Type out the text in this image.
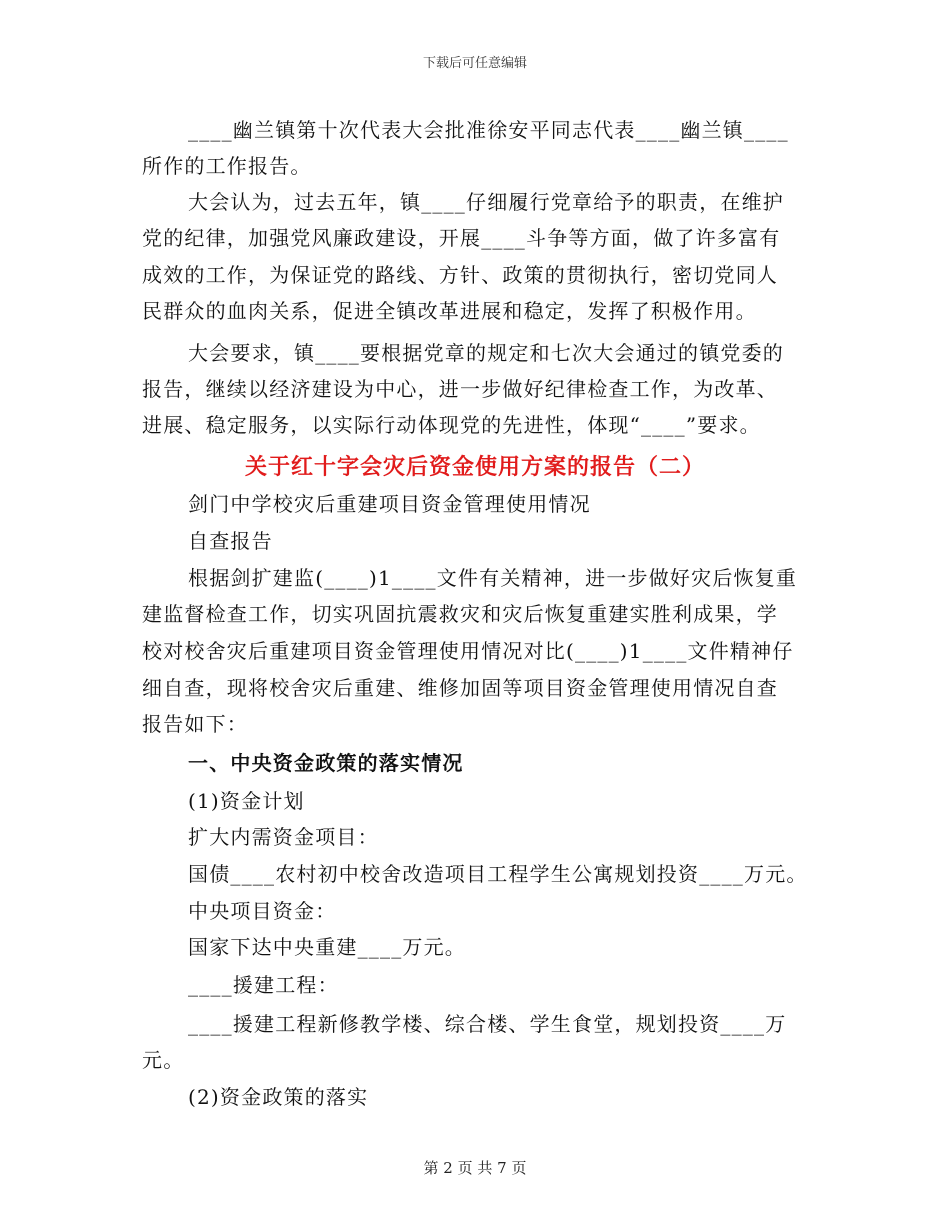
下载后可任意编辑
____幽兰镇第十次代表大会批准徐安平同志代表____幽兰镇____
所作的工作报告。
大会认为，过去五年，镇____仔细履行党章给予的职责，在维护
党的纪律，加强党风廉政建设，开展____斗争等方面，做了许多富有
成效的工作，为保证党的路线、方针、政策的贯彻执行，密切党同人
民群众的血肉关系，促进全镇改革进展和稳定，发挥了积极作用。
大会要求，镇____要根据党章的规定和七次大会通过的镇党委的
报告，继续以经济建设为中心，进一步做好纪律检查工作，为改革、
进展、稳定服务，以实际行动体现党的先进性，体现“____”要求。
关于红十字会灾后资金使用方案的报告（二）
剑门中学校灾后重建项目资金管理使用情况
自查报告
根据剑扩建监(____)1____文件有关精神，进一步做好灾后恢复重
建监督检查工作，切实巩固抗震救灾和灾后恢复重建实胜利成果，学
校对校舍灾后重建项目资金管理使用情况对比(____)1____文件精神仔
细自查，现将校舍灾后重建、维修加固等项目资金管理使用情况自查
报告如下：
一、中央资金政策的落实情况
(1)资金计划
扩大内需资金项目：
国债____农村初中校舍改造项目工程学生公寓规划投资____万元。
中央项目资金：
国家下达中央重建____万元。
____援建工程：
____援建工程新修教学楼、综合楼、学生食堂，规划投资____万
元。
(2)资金政策的落实
第 2 页 共 7 页
